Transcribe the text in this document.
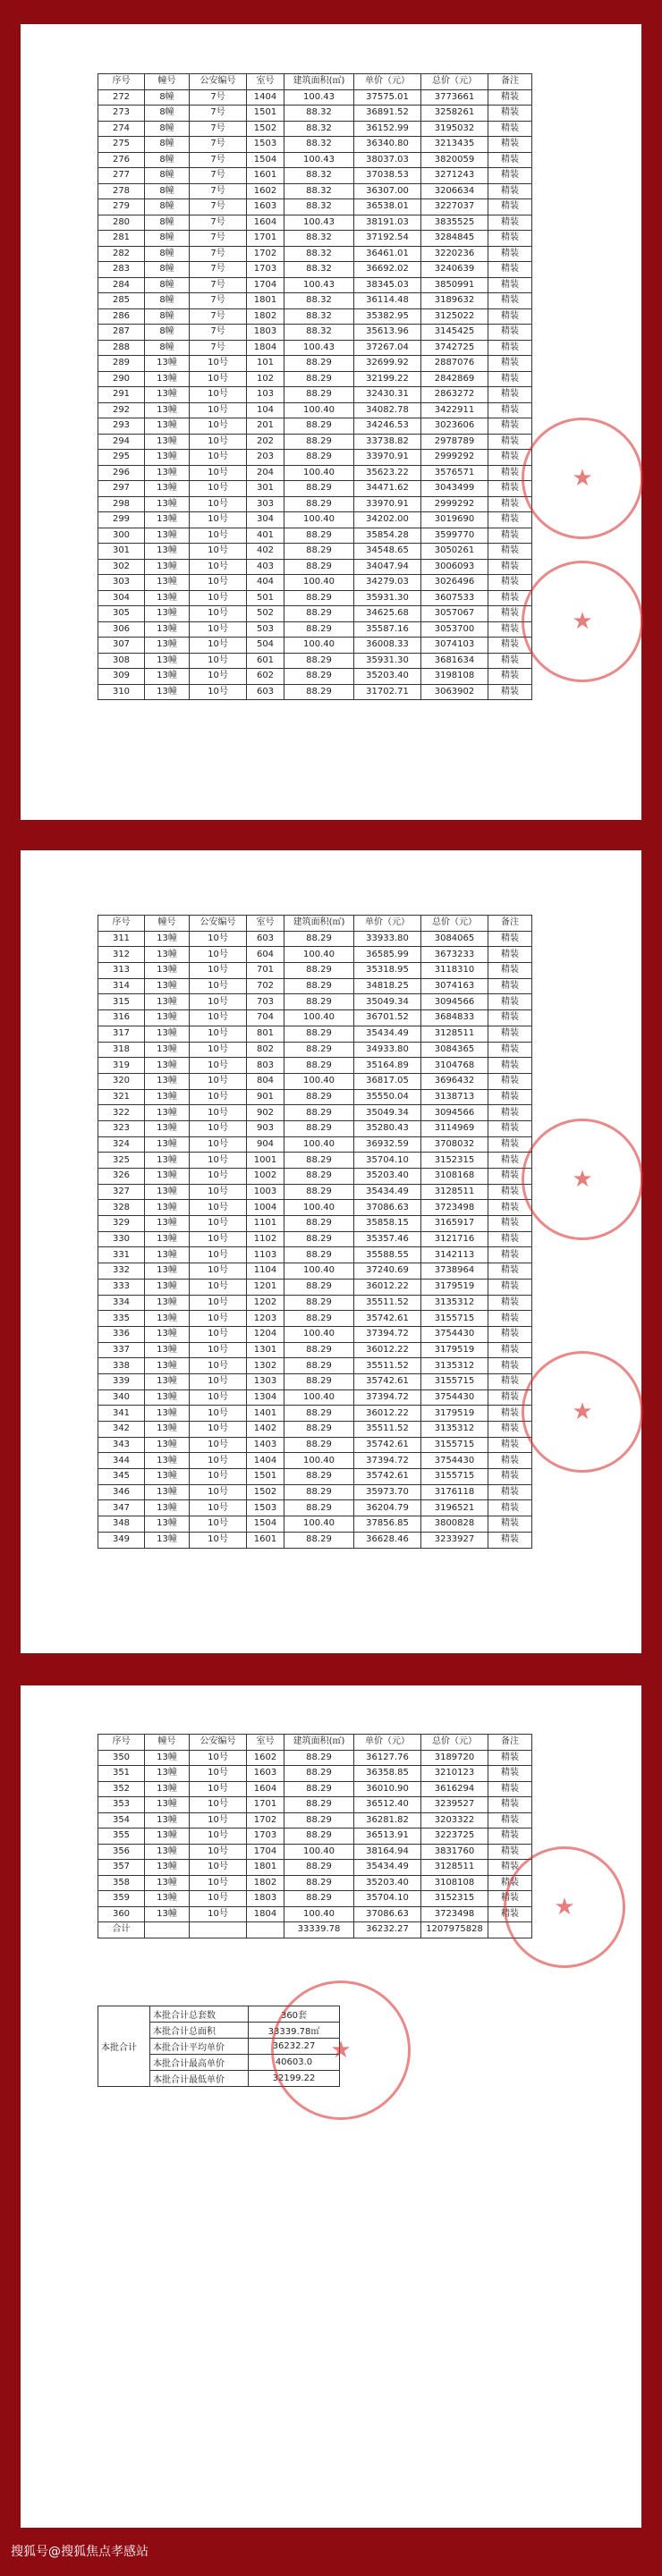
序号	幢号	公安编号	室号	建筑面积(㎡)	单价（元）	总价（元）	备注
272	8幢	7号	1404	100.43	37575.01	3773661	精装
273	8幢	7号	1501	88.32	36891.52	3258261	精装
274	8幢	7号	1502	88.32	36152.99	3195032	精装
275	8幢	7号	1503	88.32	36340.80	3213435	精装
276	8幢	7号	1504	100.43	38037.03	3820059	精装
277	8幢	7号	1601	88.32	37038.53	3271243	精装
278	8幢	7号	1602	88.32	36307.00	3206634	精装
279	8幢	7号	1603	88.32	36538.01	3227037	精装
280	8幢	7号	1604	100.43	38191.03	3835525	精装
281	8幢	7号	1701	88.32	37192.54	3284845	精装
282	8幢	7号	1702	88.32	36461.01	3220236	精装
283	8幢	7号	1703	88.32	36692.02	3240639	精装
284	8幢	7号	1704	100.43	38345.03	3850991	精装
285	8幢	7号	1801	88.32	36114.48	3189632	精装
286	8幢	7号	1802	88.32	35382.95	3125022	精装
287	8幢	7号	1803	88.32	35613.96	3145425	精装
288	8幢	7号	1804	100.43	37267.04	3742725	精装
289	13幢	10号	101	88.29	32699.92	2887076	精装
290	13幢	10号	102	88.29	32199.22	2842869	精装
291	13幢	10号	103	88.29	32430.31	2863272	精装
292	13幢	10号	104	100.40	34082.78	3422911	精装
293	13幢	10号	201	88.29	34246.53	3023606	精装
294	13幢	10号	202	88.29	33738.82	2978789	精装
295	13幢	10号	203	88.29	33970.91	2999292	精装
296	13幢	10号	204	100.40	35623.22	3576571	精装
297	13幢	10号	301	88.29	34471.62	3043499	精装
298	13幢	10号	303	88.29	33970.91	2999292	精装
299	13幢	10号	304	100.40	34202.00	3019690	精装
300	13幢	10号	401	88.29	35854.28	3599770	精装
301	13幢	10号	402	88.29	34548.65	3050261	精装
302	13幢	10号	403	88.29	34047.94	3006093	精装
303	13幢	10号	404	100.40	34279.03	3026496	精装
304	13幢	10号	501	88.29	35931.30	3607533	精装
305	13幢	10号	502	88.29	34625.68	3057067	精装
306	13幢	10号	503	88.29	35587.16	3053700	精装
307	13幢	10号	504	100.40	36008.33	3074103	精装
308	13幢	10号	601	88.29	35931.30	3681634	精装
309	13幢	10号	602	88.29	35203.40	3198108	精装
310	13幢	10号	603	88.29	31702.71	3063902	精装
★
★
序号	幢号	公安编号	室号	建筑面积(㎡)	单价（元）	总价（元）	备注
311	13幢	10号	603	88.29	33933.80	3084065	精装
312	13幢	10号	604	100.40	36585.99	3673233	精装
313	13幢	10号	701	88.29	35318.95	3118310	精装
314	13幢	10号	702	88.29	34818.25	3074163	精装
315	13幢	10号	703	88.29	35049.34	3094566	精装
316	13幢	10号	704	100.40	36701.52	3684833	精装
317	13幢	10号	801	88.29	35434.49	3128511	精装
318	13幢	10号	802	88.29	34933.80	3084365	精装
319	13幢	10号	803	88.29	35164.89	3104768	精装
320	13幢	10号	804	100.40	36817.05	3696432	精装
321	13幢	10号	901	88.29	35550.04	3138713	精装
322	13幢	10号	902	88.29	35049.34	3094566	精装
323	13幢	10号	903	88.29	35280.43	3114969	精装
324	13幢	10号	904	100.40	36932.59	3708032	精装
325	13幢	10号	1001	88.29	35704.10	3152315	精装
326	13幢	10号	1002	88.29	35203.40	3108168	精装
327	13幢	10号	1003	88.29	35434.49	3128511	精装
328	13幢	10号	1004	100.40	37086.63	3723498	精装
329	13幢	10号	1101	88.29	35858.15	3165917	精装
330	13幢	10号	1102	88.29	35357.46	3121716	精装
331	13幢	10号	1103	88.29	35588.55	3142113	精装
332	13幢	10号	1104	100.40	37240.69	3738964	精装
333	13幢	10号	1201	88.29	36012.22	3179519	精装
334	13幢	10号	1202	88.29	35511.52	3135312	精装
335	13幢	10号	1203	88.29	35742.61	3155715	精装
336	13幢	10号	1204	100.40	37394.72	3754430	精装
337	13幢	10号	1301	88.29	36012.22	3179519	精装
338	13幢	10号	1302	88.29	35511.52	3135312	精装
339	13幢	10号	1303	88.29	35742.61	3155715	精装
340	13幢	10号	1304	100.40	37394.72	3754430	精装
341	13幢	10号	1401	88.29	36012.22	3179519	精装
342	13幢	10号	1402	88.29	35511.52	3135312	精装
343	13幢	10号	1403	88.29	35742.61	3155715	精装
344	13幢	10号	1404	100.40	37394.72	3754430	精装
345	13幢	10号	1501	88.29	35742.61	3155715	精装
346	13幢	10号	1502	88.29	35973.70	3176118	精装
347	13幢	10号	1503	88.29	36204.79	3196521	精装
348	13幢	10号	1504	100.40	37856.85	3800828	精装
349	13幢	10号	1601	88.29	36628.46	3233927	精装
★
★
序号	幢号	公安编号	室号	建筑面积(㎡)	单价（元）	总价（元）	备注
350	13幢	10号	1602	88.29	36127.76	3189720	精装
351	13幢	10号	1603	88.29	36358.85	3210123	精装
352	13幢	10号	1604	88.29	36010.90	3616294	精装
353	13幢	10号	1701	88.29	36512.40	3239527	精装
354	13幢	10号	1702	88.29	36281.82	3203322	精装
355	13幢	10号	1703	88.29	36513.91	3223725	精装
356	13幢	10号	1704	100.40	38164.94	3831760	精装
357	13幢	10号	1801	88.29	35434.49	3128511	精装
358	13幢	10号	1802	88.29	35203.40	3108108	精装
359	13幢	10号	1803	88.29	35704.10	3152315	精装
360	13幢	10号	1804	100.40	37086.63	3723498	精装
合计				33339.78	36232.27	1207975828	
本批合计	本批合计总套数	360套
	本批合计总面积	33339.78㎡
	本批合计平均单价	36232.27
	本批合计最高单价	40603.0
	本批合计最低单价	32199.22
★
★
搜狐号@搜狐焦点孝感站
